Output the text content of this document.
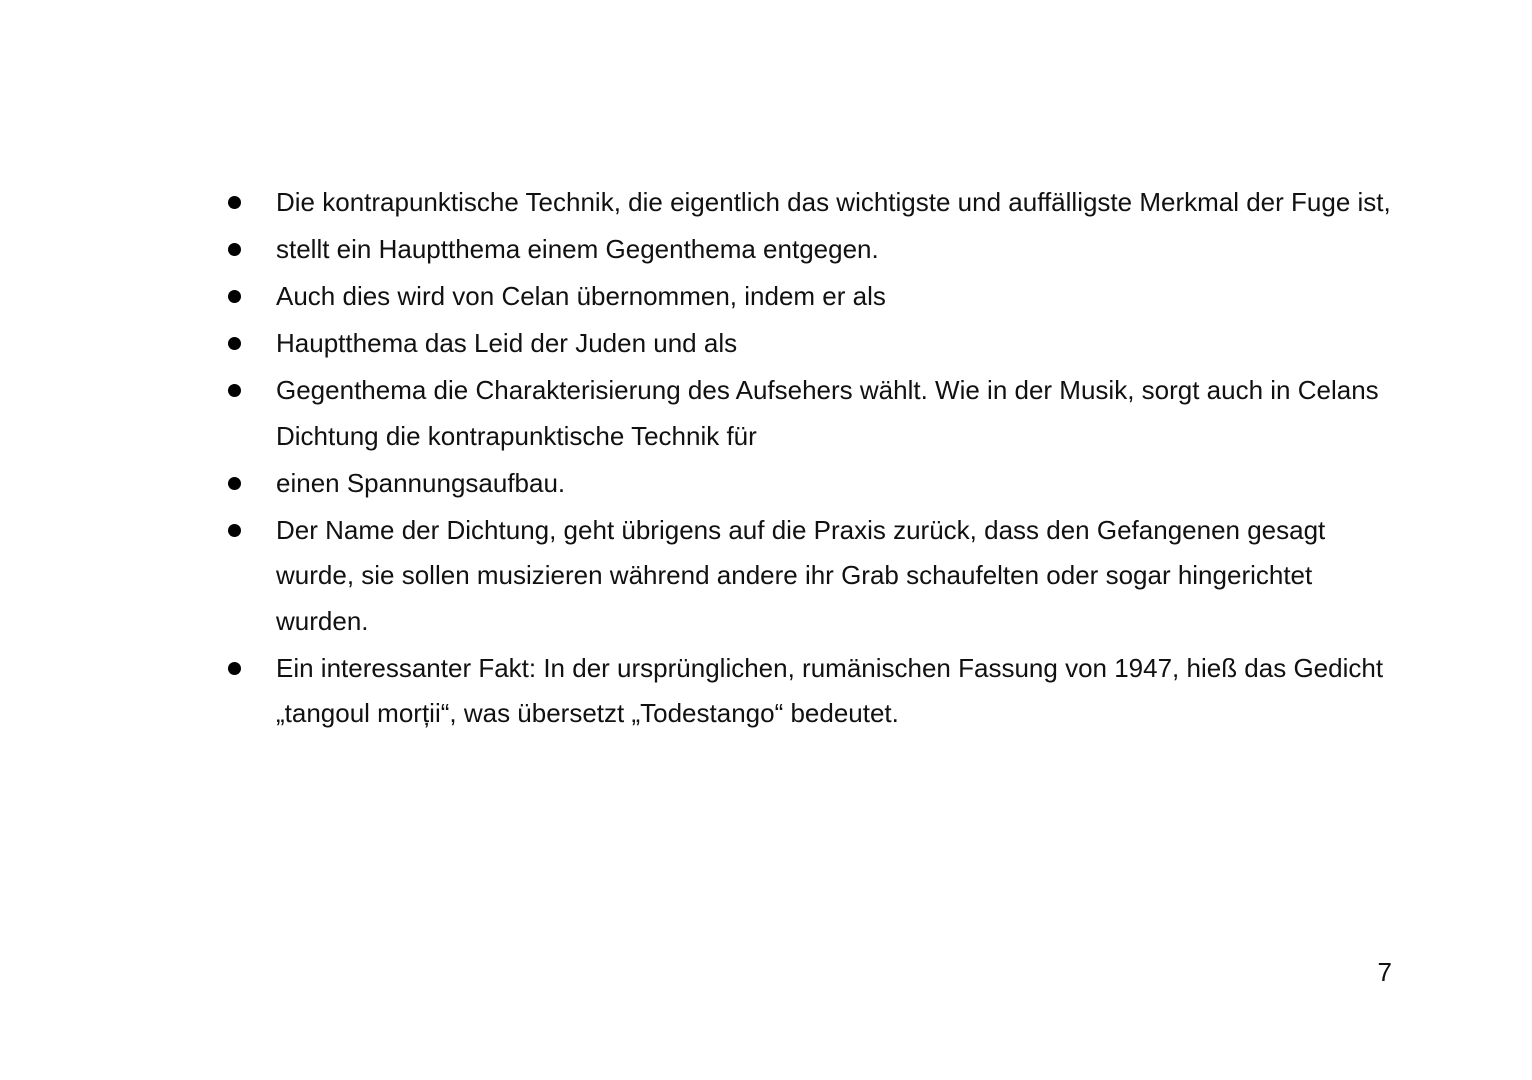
Die kontrapunktische Technik, die eigentlich das wichtigste und auffälligste Merkmal der Fuge ist,
stellt ein Hauptthema einem Gegenthema entgegen.
Auch dies wird von Celan übernommen, indem er als
Hauptthema das Leid der Juden und als
Gegenthema die Charakterisierung des Aufsehers wählt. Wie in der Musik, sorgt auch in Celans Dichtung die kontrapunktische Technik für
einen Spannungsaufbau.
Der Name der Dichtung, geht übrigens auf die Praxis zurück, dass den Gefangenen gesagt wurde, sie sollen musizieren während andere ihr Grab schaufelten oder sogar hingerichtet wurden.
Ein interessanter Fakt: In der ursprünglichen, rumänischen Fassung von 1947, hieß das Gedicht „tangoul morții“, was übersetzt „Todestango“ bedeutet.
7
